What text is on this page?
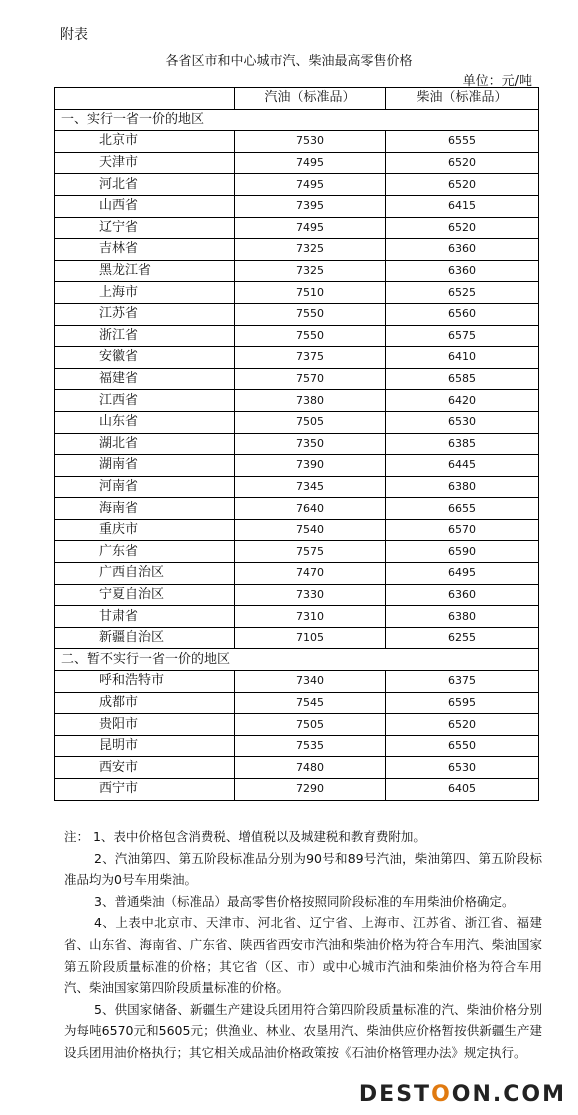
附表
各省区市和中心城市汽、柴油最高零售价格
单位：元/吨
	汽油（标准品）	柴油（标准品）
一、实行一省一价的地区		
北京市	7530	6555
天津市	7495	6520
河北省	7495	6520
山西省	7395	6415
辽宁省	7495	6520
吉林省	7325	6360
黑龙江省	7325	6360
上海市	7510	6525
江苏省	7550	6560
浙江省	7550	6575
安徽省	7375	6410
福建省	7570	6585
江西省	7380	6420
山东省	7505	6530
湖北省	7350	6385
湖南省	7390	6445
河南省	7345	6380
海南省	7640	6655
重庆市	7540	6570
广东省	7575	6590
广西自治区	7470	6495
宁夏自治区	7330	6360
甘肃省	7310	6380
新疆自治区	7105	6255
二、暂不实行一省一价的地区		
呼和浩特市	7340	6375
成都市	7545	6595
贵阳市	7505	6520
昆明市	7535	6550
西安市	7480	6530
西宁市	7290	6405

注： 1、表中价格包含消费税、增值税以及城建税和教育费附加。

2、汽油第四、第五阶段标准品分别为90号和89号汽油，柴油第四、第五阶段标准品均为0号车用柴油。

3、普通柴油（标准品）最高零售价格按照同阶段标准的车用柴油价格确定。

4、上表中北京市、天津市、河北省、辽宁省、上海市、江苏省、浙江省、福建省、山东省、海南省、广东省、陕西省西安市汽油和柴油价格为符合车用汽、柴油国家第五阶段质量标准的价格；其它省（区、市）或中心城市汽油和柴油价格为符合车用汽、柴油国家第四阶段质量标准的价格。

5、供国家储备、新疆生产建设兵团用符合第四阶段质量标准的汽、柴油价格分别为每吨6570元和5605元；供渔业、林业、农垦用汽、柴油供应价格暂按供新疆生产建设兵团用油价格执行；其它相关成品油价格政策按《石油价格管理办法》规定执行。

DESTOON.COM
